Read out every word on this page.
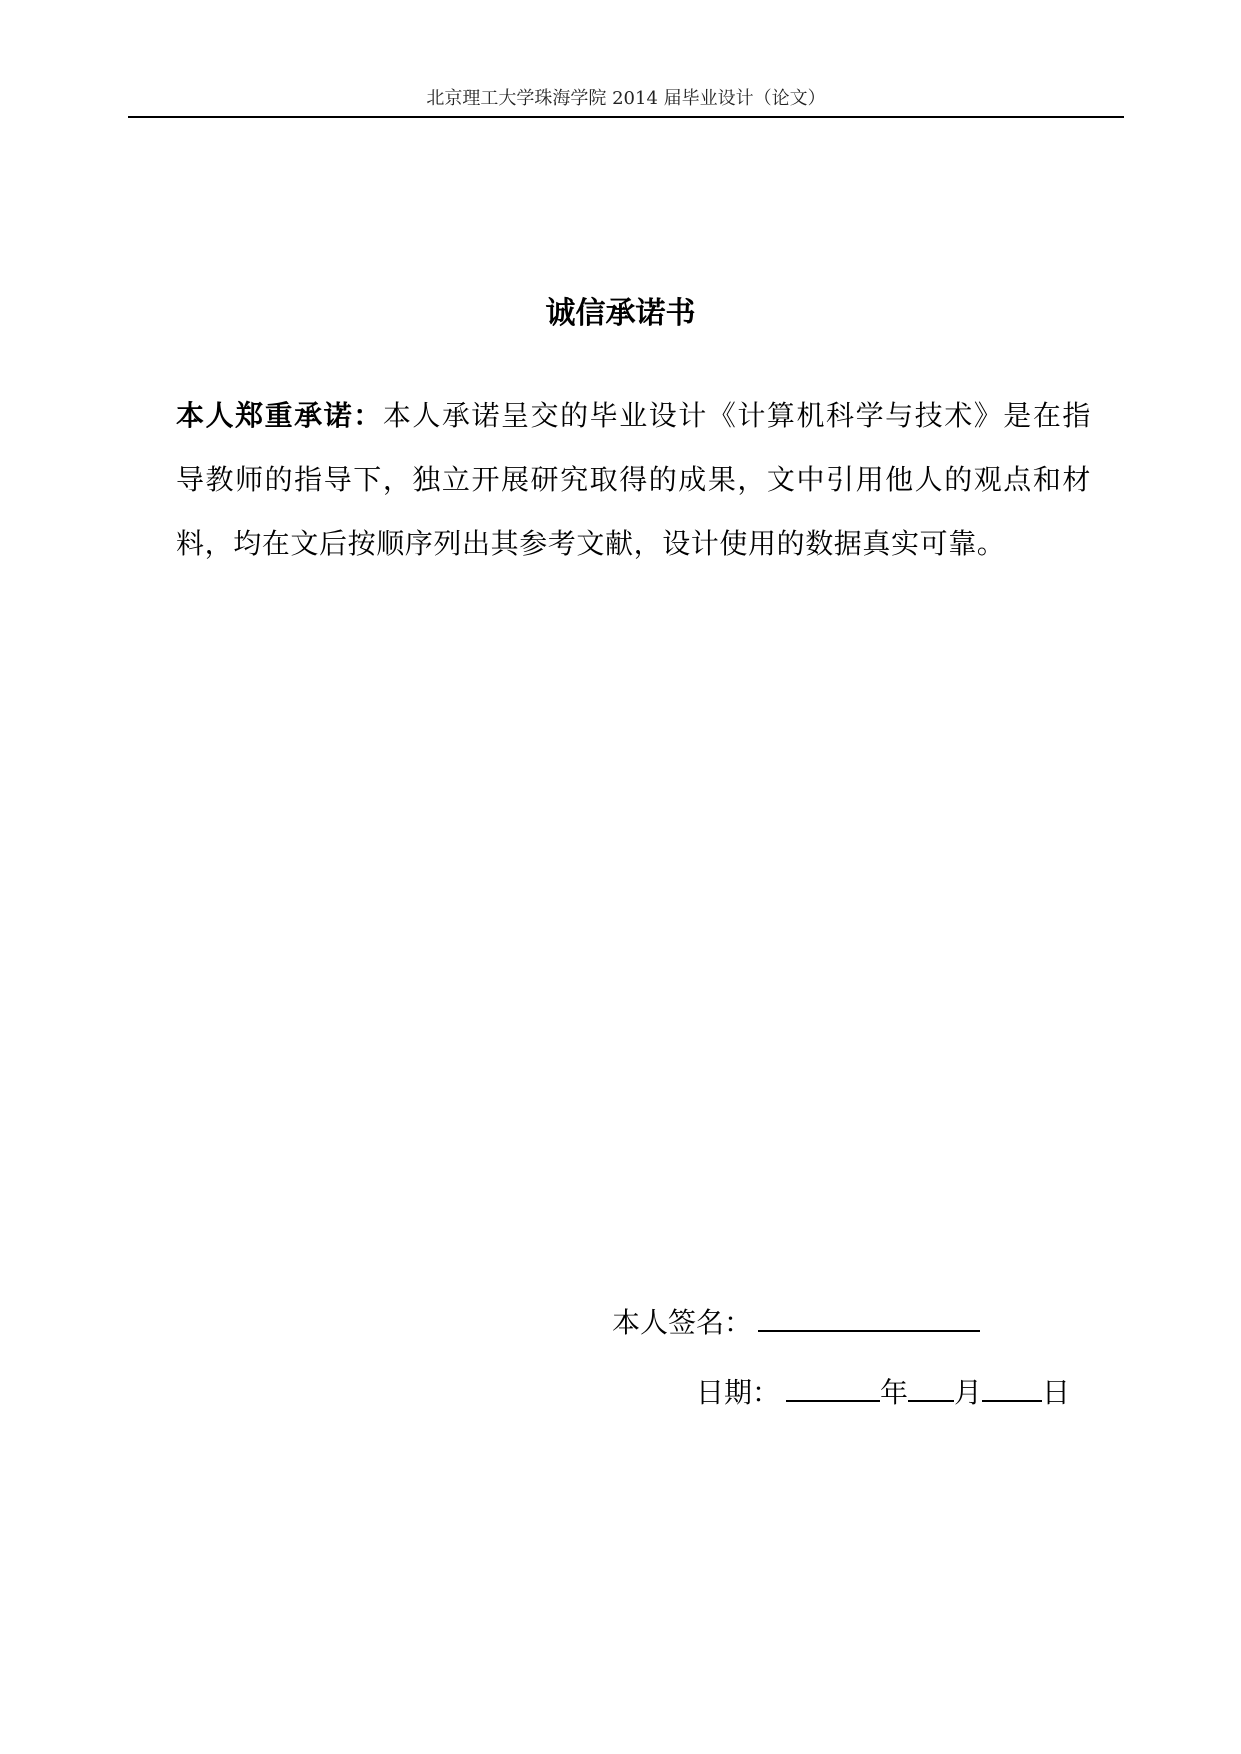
北京理工大学珠海学院 2014 届毕业设计（论文）
诚信承诺书
本人郑重承诺：本人承诺呈交的毕业设计《计算机科学与技术》是在指导教师的指导下，独立开展研究取得的成果，文中引用他人的观点和材料，均在文后按顺序列出其参考文献，设计使用的数据真实可靠。
本人签名：
日期：	年 月 日
